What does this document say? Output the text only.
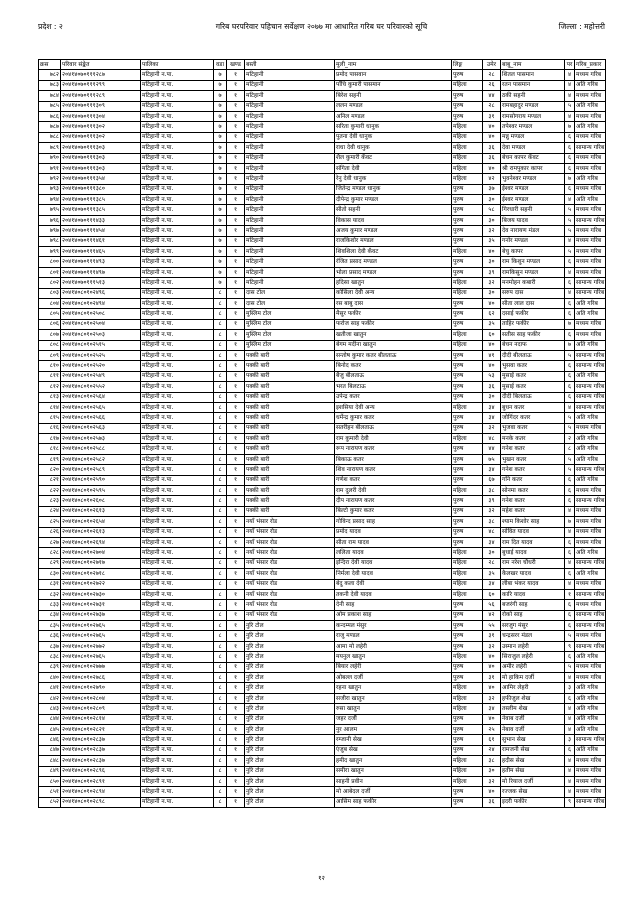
प्रदेश : २	गरिब घरपरिवार पहिचान सर्वेक्षण २०७७ मा आधारित गरिब घर परिवारको सूचि	जिल्ला : महोत्तरी
क्रस	परिवार संङ्केत	पालिका	वडा	खण्ड	बस्ती	मुली_नाम	लिङ्ग	उमेर	बाबु_नाम	पर	गरिब_प्रकार
७८२	२०४१४०७०१११२८७	मटिहानी न.पा.	७	१	मटिहानी	प्रमोद पासवान	पुरुष	२८	शितल पासमान	४	मध्यम गरिब
७८३	२०४१४०७०१११२९९	मटिहानी न.पा.	७	१	मटिहानी	पाँचि कुमारी पासमान	महिला	२६	रतन पासमान	४	अति गरिब
७८४	२०४१४०७०१११२८९	मटिहानी न.पा.	७	१	मटिहानी	बिरेश सहनी	पुरुष	४४	ठकी सहनी	४	मध्यम गरिब
७८५	२०४१४०७०१११३०९	मटिहानी न.पा.	७	१	मटिहानी	ललन मण्डल	पुरुष	२८	रामबहादुर मण्डल	५	अति गरिब
७८६	२०४१४०७०१११३०४	मटिहानी न.पा.	७	१	मटिहानी	अनिल मण्डल	पुरुष	३१	रामसोगराय मण्डल	४	मध्यम गरिब
७८७	२०४१४०७०१११३०२	मटिहानी न.पा.	७	१	मटिहानी	सरिता कुमारी धानुक	महिला	४०	तपेश्वर मण्डल	७	अति गरिब
७८८	२०४१४०७०१११३०२	मटिहानी न.पा.	७	१	मटिहानी	पुतना देवी धानुक	महिला	४०	मन्नु मण्डल	६	मध्यम गरिब
७८९	२०४१४०७०१११३०३	मटिहानी न.पा.	७	१	मटिहानी	राधा देवी धानुक	महिला	३६	देवा मण्डल	६	सामान्य गरिब
७९०	२०४१४०७०१११३०३	मटिहानी न.पा.	७	१	मटिहानी	शैल कुमारी कँवट	महिला	३६	बेचन कापर कँवट	६	मध्यम गरिब
७९१	२०४१४०७०१११३०३	मटिहानी न.पा.	७	१	मटिहानी	संगिता देवी	महिला	४०	श्री रामपुकार कापर	६	मध्यम गरिब
७९२	२०४१४०७०१११३५४	मटिहानी न.पा.	७	१	मटिहानी	रेनु देवी धानुक	महिला	४२	भुवनेश्वर मण्डल	७	अति गरिब
७९३	२०४१४०७०१११३८०	मटिहानी न.पा.	७	१	मटिहानी	जितेन्द्र मण्डल धानुक	पुरुष	३७	ईश्वर मण्डल	६	मध्यम गरिब
७९४	२०४१४०७०१११३८५	मटिहानी न.पा.	७	१	मटिहानी	दीपेन्द्र कुमार मण्डल	पुरुष	३०	ईश्वर मण्डल	४	अति गरिब
७९५	२०४१४०७०१११३८५	मटिहानी न.पा.	७	१	मटिहानी	सीतो सहनी	पुरुष	५८	गिरधारी सहनी	५	मध्यम गरिब
७९६	२०४१४०७०१११४३३	मटिहानी न.पा.	७	१	मटिहानी	विकास यादव	पुरुष	३०	बिजय यादव	५	सामान्य गरिब
७९७	२०४१४०७०१११४५४	मटिहानी न.पा.	७	१	मटिहानी	अजय कुमार मण्डल	पुरुष	३२	देव नारायण मंडल	५	मध्यम गरिब
७९८	२०४१४०७०१११४६१	मटिहानी न.पा.	७	१	मटिहानी	राजकिशोर मण्डल	पुरुष	३५	गनोर मण्डल	४	मध्यम गरिब
७९९	२०४१४०७०१११४६५	मटिहानी न.पा.	७	१	मटिहानी	शिवशिला देवी कँवट	महिला	४०	बेचु कापर	५	मध्यम गरिब
८००	२०४१४०७०१११४९३	मटिहानी न.पा.	७	१	मटिहानी	रंजित प्रसाद मण्डल	पुरुष	३०	राम किशुन मण्डल	६	मध्यम गरिब
८०१	२०४१४०७०१११४९७	मटिहानी न.पा.	७	१	मटिहानी	भोला प्रसाद मण्डल	पुरुष	३९	रामकिसुन मण्डल	४	मध्यम गरिब
८०२	२०४१४०७०१११५१३	मटिहानी न.पा.	७	१	मटिहानी	हदिसा खातुन	महिला	३२	मनमोहन कबारी	६	सामान्य गरिब
८०३	२०४१४०८०१०२४९६	मटिहानी न.पा.	८	१	दास टोल	कोसिला देवी अन्य	महिला	३०	सरुप दास	४	सामान्य गरिब
८०४	२०४१४०८०१०२४९४	मटिहानी न.पा.	८	१	दास टोल	रस बाबु दास	पुरुष	४०	सीता लाल दास	६	अति गरिब
८०५	२०४१४०८०१०२५०८	मटिहानी न.पा.	८	१	मुस्लिम टोल	मैसुर फकीर	पुरुष	६२	दसाई फकीर	६	अति गरिब
८०६	२०४१४०८०१०२५०४	मटिहानी न.पा.	८	१	मुस्लिम टोल	फरोज साह फकीर	पुरुष	३५	ताहिर फकीर	७	मध्यम गरिब
८०७	२०४१४०८०१०२५०३	मटिहानी न.पा.	८	१	मुस्लिम टोल	खतीजा खातुन	महिला	६०	सतीस साह फकीर	६	मध्यम गरिब
८०८	२०४१४०८०१०२५१५	मटिहानी न.पा.	८	१	मुस्लिम टोल	बेगम मदीना खातुन	महिला	४०	बेचन नदाफ	७	अति गरिब
८०९	२०४१४०८०१०२५२५	मटिहानी न.पा.	८	१	पक्की बारी	सन्तोष कुमार कतर बीलताऊ	पुरुष	४१	दीदी बीलताऊ	५	सामान्य गरिब
८१०	२०४१४०८०१०२५२०	मटिहानी न.पा.	८	१	पक्की बारी	बिनोद कतर	पुरुष	४०	भुसवा कतर	६	सामान्य गरिब
८११	२०४१४०८०१०२५४९	मटिहानी न.पा.	८	१	पक्की बारी	बैजु बीलताऊ	पुरुष	५३	मुसाई कतर	६	अति गरिब
८१२	२०४१४०८०१०२५५२	मटिहानी न.पा.	८	१	पक्की बारी	भरत बिलटाऊ	पुरुष	३६	मुसाई कतर	६	सामान्य गरिब
८१३	२०४१४०८०१०२५६४	मटिहानी न.पा.	८	१	पक्की बारी	उपेन्द्र कतर	पुरुष	३०	दीदी बिलताऊ	६	सामान्य गरिब
८१४	२०४१४०८०१०२५६५	मटिहानी न.पा.	८	१	पक्की बारी	इशसिया देवी अन्य	महिला	३४	बुधन कतर	४	सामान्य गरिब
८१५	२०४१४०८०१०२५६६	मटिहानी न.पा.	८	१	पक्की बारी	धर्मेन्द्र कुमार कतर	पुरुष	३४	जोगिंदर कतर	५	अति गरिब
८१६	२०४१४०८०१०२५६३	मटिहानी न.पा.	८	१	पक्की बारी	सतरीहन बीलताऊ	पुरुष	३२	भुजवा कतर	५	मध्यम गरिब
८१७	२०४१४०८०१०२५७३	मटिहानी न.पा.	८	१	पक्की बारी	राम कुमारी देवी	महिला	४८	मनके कतर	२	अति गरिब
८१८	२०४१४०८०१०२५८८	मटिहानी न.पा.	८	१	पक्की बारी	रूप नारायण कतर	पुरुष	४४	गनेश कतर	८	अति गरिब
८१९	२०४१४०८०१०२५८२	मटिहानी न.पा.	८	१	पक्की बारी	बिकाऊ कतर	पुरुष	७५	भुखन कतर	५	अति गरिब
८२०	२०४१४०८०१०२५८९	मटिहानी न.पा.	८	१	पक्की बारी	शिव नारायण कतर	पुरुष	३४	गनेश कतर	५	सामान्य गरिब
८२१	२०४१४०८०१०२५९०	मटिहानी न.पा.	८	१	पक्की बारी	गणेश कतर	पुरुष	६७	गनि कतर	६	अति गरिब
८२२	२०४१४०८०१०२५९५	मटिहानी न.पा.	८	१	पक्की बारी	राम दुलरी देवी	महिला	३८	सोनमा कतर	६	मध्यम गरिब
८२३	२०४१४०८०१०२६०८	मटिहानी न.पा.	८	१	पक्की बारी	दीप नारायण कतर	पुरुष	३९	गनेश कतर	६	सामान्य गरिब
८२४	२०४१४०८०१०२६१३	मटिहानी न.पा.	८	१	पक्की बारी	बिल्टो कुमार कतर	पुरुष	३२	महेश कतर	४	मध्यम गरिब
८२५	२०४१४०८०१०२६५४	मटिहानी न.पा.	८	१	नयाँ भंसार रोड	गोविन्द प्रसाद साह	पुरुष	३८	श्याम किशोर साह	७	मध्यम गरिब
८२६	२०४१४०८०१०२६१३	मटिहानी न.पा.	८	१	नयाँ भंसार रोड	प्रमोद यादव	पुरुष	४८	सोवित यादव	४	मध्यम गरिब
८२७	२०४१४०८०१०२६९४	मटिहानी न.पा.	८	१	नयाँ भंसार रोड	सीता राम यादव	पुरुष	३४	राम दित यादव	६	मध्यम गरिब
८२८	२०४१४०८०१०२७०४	मटिहानी न.पा.	८	१	नयाँ भंसार रोड	ललिता यादव	महिला	३०	बुधाई यादव	६	अति गरिब
८२९	२०४१४०८०१०२७१७	मटिहानी न.पा.	८	१	नयाँ भंसार रोड	इन्दिरा देवी यादव	महिला	२८	राम नरेश चौधरी	४	सामान्य गरिब
८३०	२०४१४०८०१०२७१८	मटिहानी न.पा.	८	१	नयाँ भंसार रोड	निर्मला देवी यादव	महिला	३५	कैलखर यादव	६	अति गरिब
८३१	२०४१४०८०१०२७२२	मटिहानी न.पा.	८	१	नयाँ भंसार रोड	बेदु कला देवी	महिला	३४	लीबा भंकर यादव	४	मध्यम गरिब
८३२	२०४१४०८०१०२७३०	मटिहानी न.पा.	८	१	नयाँ भंसार रोड	तकनी देवी यादव	महिला	६०	कारि यादव	१	सामान्य गरिब
८३३	२०४१४०८०१०२७३१	मटिहानी न.पा.	८	१	नयाँ भंसार रोड	देनी साह	पुरुष	५६	बजरंगी साह	६	मध्यम गरिब
८३४	२०४१४०८०१०२७३७	मटिहानी न.पा.	८	१	नयाँ भंसार रोड	ओम प्रकाश साह	पुरुष	४२	रोको साह	६	सामान्य गरिब
८३५	२०४१४०८०१०२७६५	मटिहानी न.पा.	८	१	नुरि टोल	कन्दम्मल मंसुर	पुरुष	५५	सरजुग मंसुर	६	सामान्य गरिब
८३६	२०४१४०८०१०२७६५	मटिहानी न.पा.	८	१	नुरि टोल	राजु मण्डल	पुरुष	३१	चन्द्रसरर मंडल	५	मध्यम गरिब
८३७	२०४१४०८०१०२७७२	मटिहानी न.पा.	८	१	नुरि टोल	आमा मो लहेरी	पुरुष	३२	उस्मान लहेरी	९	सामान्य गरिब
८३८	२०४१४०८०१०२७६५	मटिहानी न.पा.	८	१	नुरि टोल	मयनुल खातुन	महिला	४०	सिराजुल लहेरी	६	अति गरिब
८३९	२०४१४०८०१०२७७७	मटिहानी न.पा.	८	१	नुरि टोल	बियार लहेरी	पुरुष	४०	अमीर लहेरी	५	मध्यम गरिब
८४०	२०४१४०८०१०२७८६	मटिहानी न.पा.	८	१	नुरि टोल	ओबल्ल दर्जी	पुरुष	३१	मो हाकिम दर्जी	४	मध्यम गरिब
८४१	२०४१४०८०१०२७९०	मटिहानी न.पा.	८	१	नुरि टोल	रहना खातुन	महिला	४०	आमिर लेहरी	३	अति गरिब
८४२	२०४१४०८०१०२८०४	मटिहानी न.पा.	८	१	नुरि टोल	सजीरा खातुन	महिला	३२	हफीजुल शेख	६	अति गरिब
८४३	२०४१४०८०१०२८०९	मटिहानी न.पा.	८	१	नुरि टोल	रुसा खातुन	महिला	३४	तस्लीम शेख	४	अति गरिब
८४४	२०४१४०८०१०२८१४	मटिहानी न.पा.	८	१	नुरि टोल	जहर दर्जी	पुरुष	४०	नेवाब दर्जी	४	अति गरिब
८४५	२०४१४०८०१०२८२१	मटिहानी न.पा.	८	१	नुरि टोल	नुर आलम	पुरुष	२५	नेबाव दर्जी	४	अति गरिब
८४६	२०४१४०८०१०२८३७	मटिहानी न.पा.	८	१	नुरि टोल	रम्जानी सेख	पुरुष	६१	सुभान सेख	३	सामान्य गरिब
८४७	२०४१४०८०१०२८३७	मटिहानी न.पा.	८	१	नुरि टोल	एंजुब सेख	पुरुष	२४	रामजनी सेख	६	अति गरिब
८४८	२०४१४०८०१०२८३७	मटिहानी न.पा.	८	१	नुरि टोल	हमीद खातुन	महिला	३८	हदीस सेख	४	मध्यम गरिब
८४९	२०४१४०८०१०२८९६	मटिहानी न.पा.	८	१	नुरि टोल	समीरा खातुन	महिला	३०	हतीम सेख	४	मध्यम गरिब
८५०	२०४१४०८०१०२८९१	मटिहानी न.पा.	८	१	नुरि टोल	साहनी प्रवीन	महिला	३२	मो रियाज दर्जी	४	मध्यम गरिब
८५१	२०४१४०८०१०२८९४	मटिहानी न.पा.	८	१	नुरि टोल	मो आबेदल दर्जी	पुरुष	४०	रज्जक सेख	४	मध्यम गरिब
८५२	२०४१४०८०१०२८९८	मटिहानी न.पा.	८	१	नुरि टोल	आसिम साह फकीर	पुरुष	३६	इदरी फकीर	९	सामान्य गरिब
१२
